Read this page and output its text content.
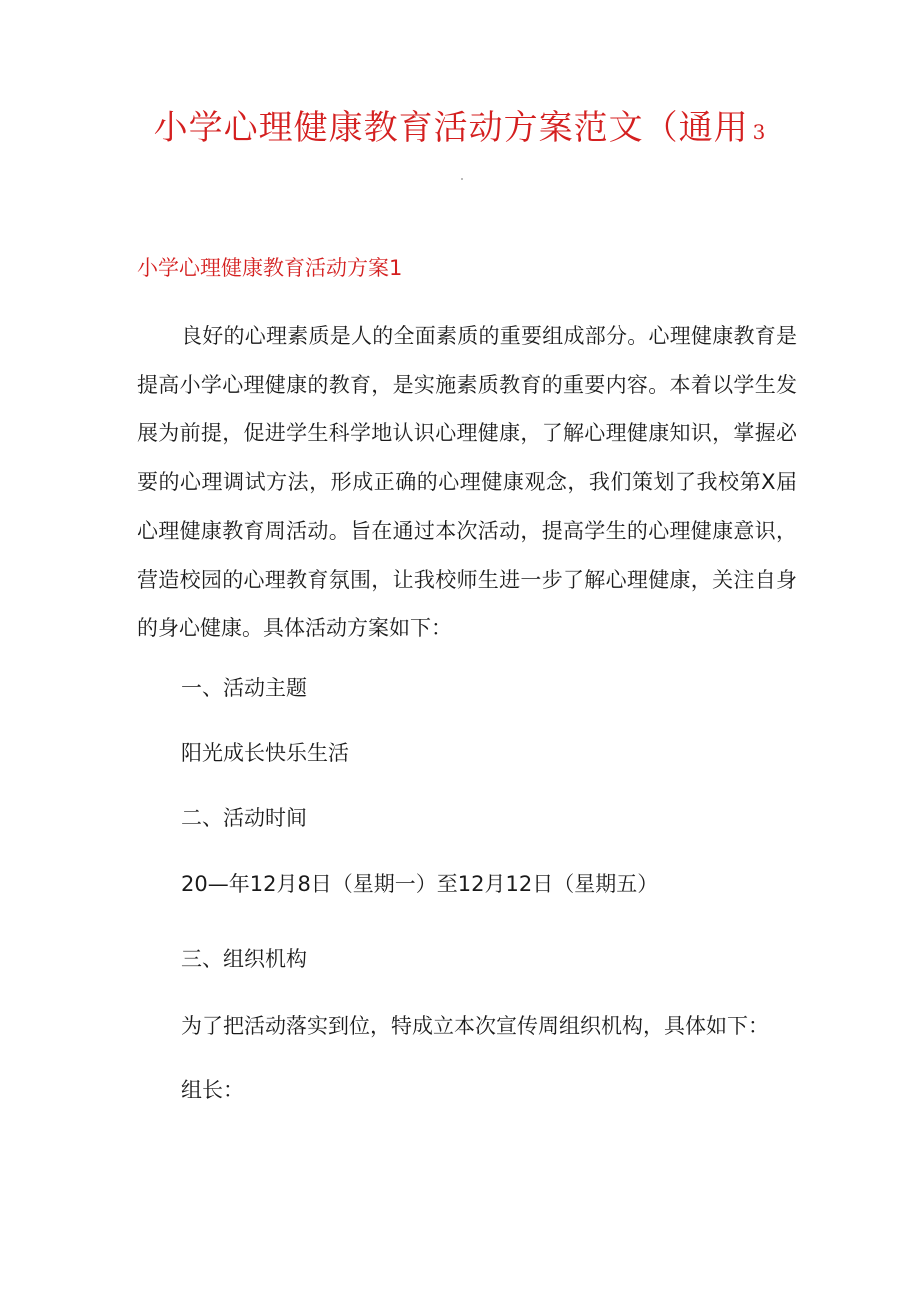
小学心理健康教育活动方案范文（通用 3
小学心理健康教育活动方案1
良好的心理素质是人的全面素质的重要组成部分。心理健康教育是提高小学心理健康的教育，是实施素质教育的重要内容。本着以学生发展为前提，促进学生科学地认识心理健康，了解心理健康知识，掌握必要的心理调试方法，形成正确的心理健康观念，我们策划了我校第X届心理健康教育周活动。旨在通过本次活动，提高学生的心理健康意识，营造校园的心理教育氛围，让我校师生进一步了解心理健康，关注自身的身心健康。具体活动方案如下：
一、活动主题
阳光成长快乐生活
二、活动时间
20—年12月8日（星期一）至12月12日（星期五）
三、组织机构
为了把活动落实到位，特成立本次宣传周组织机构，具体如下：
组长：
